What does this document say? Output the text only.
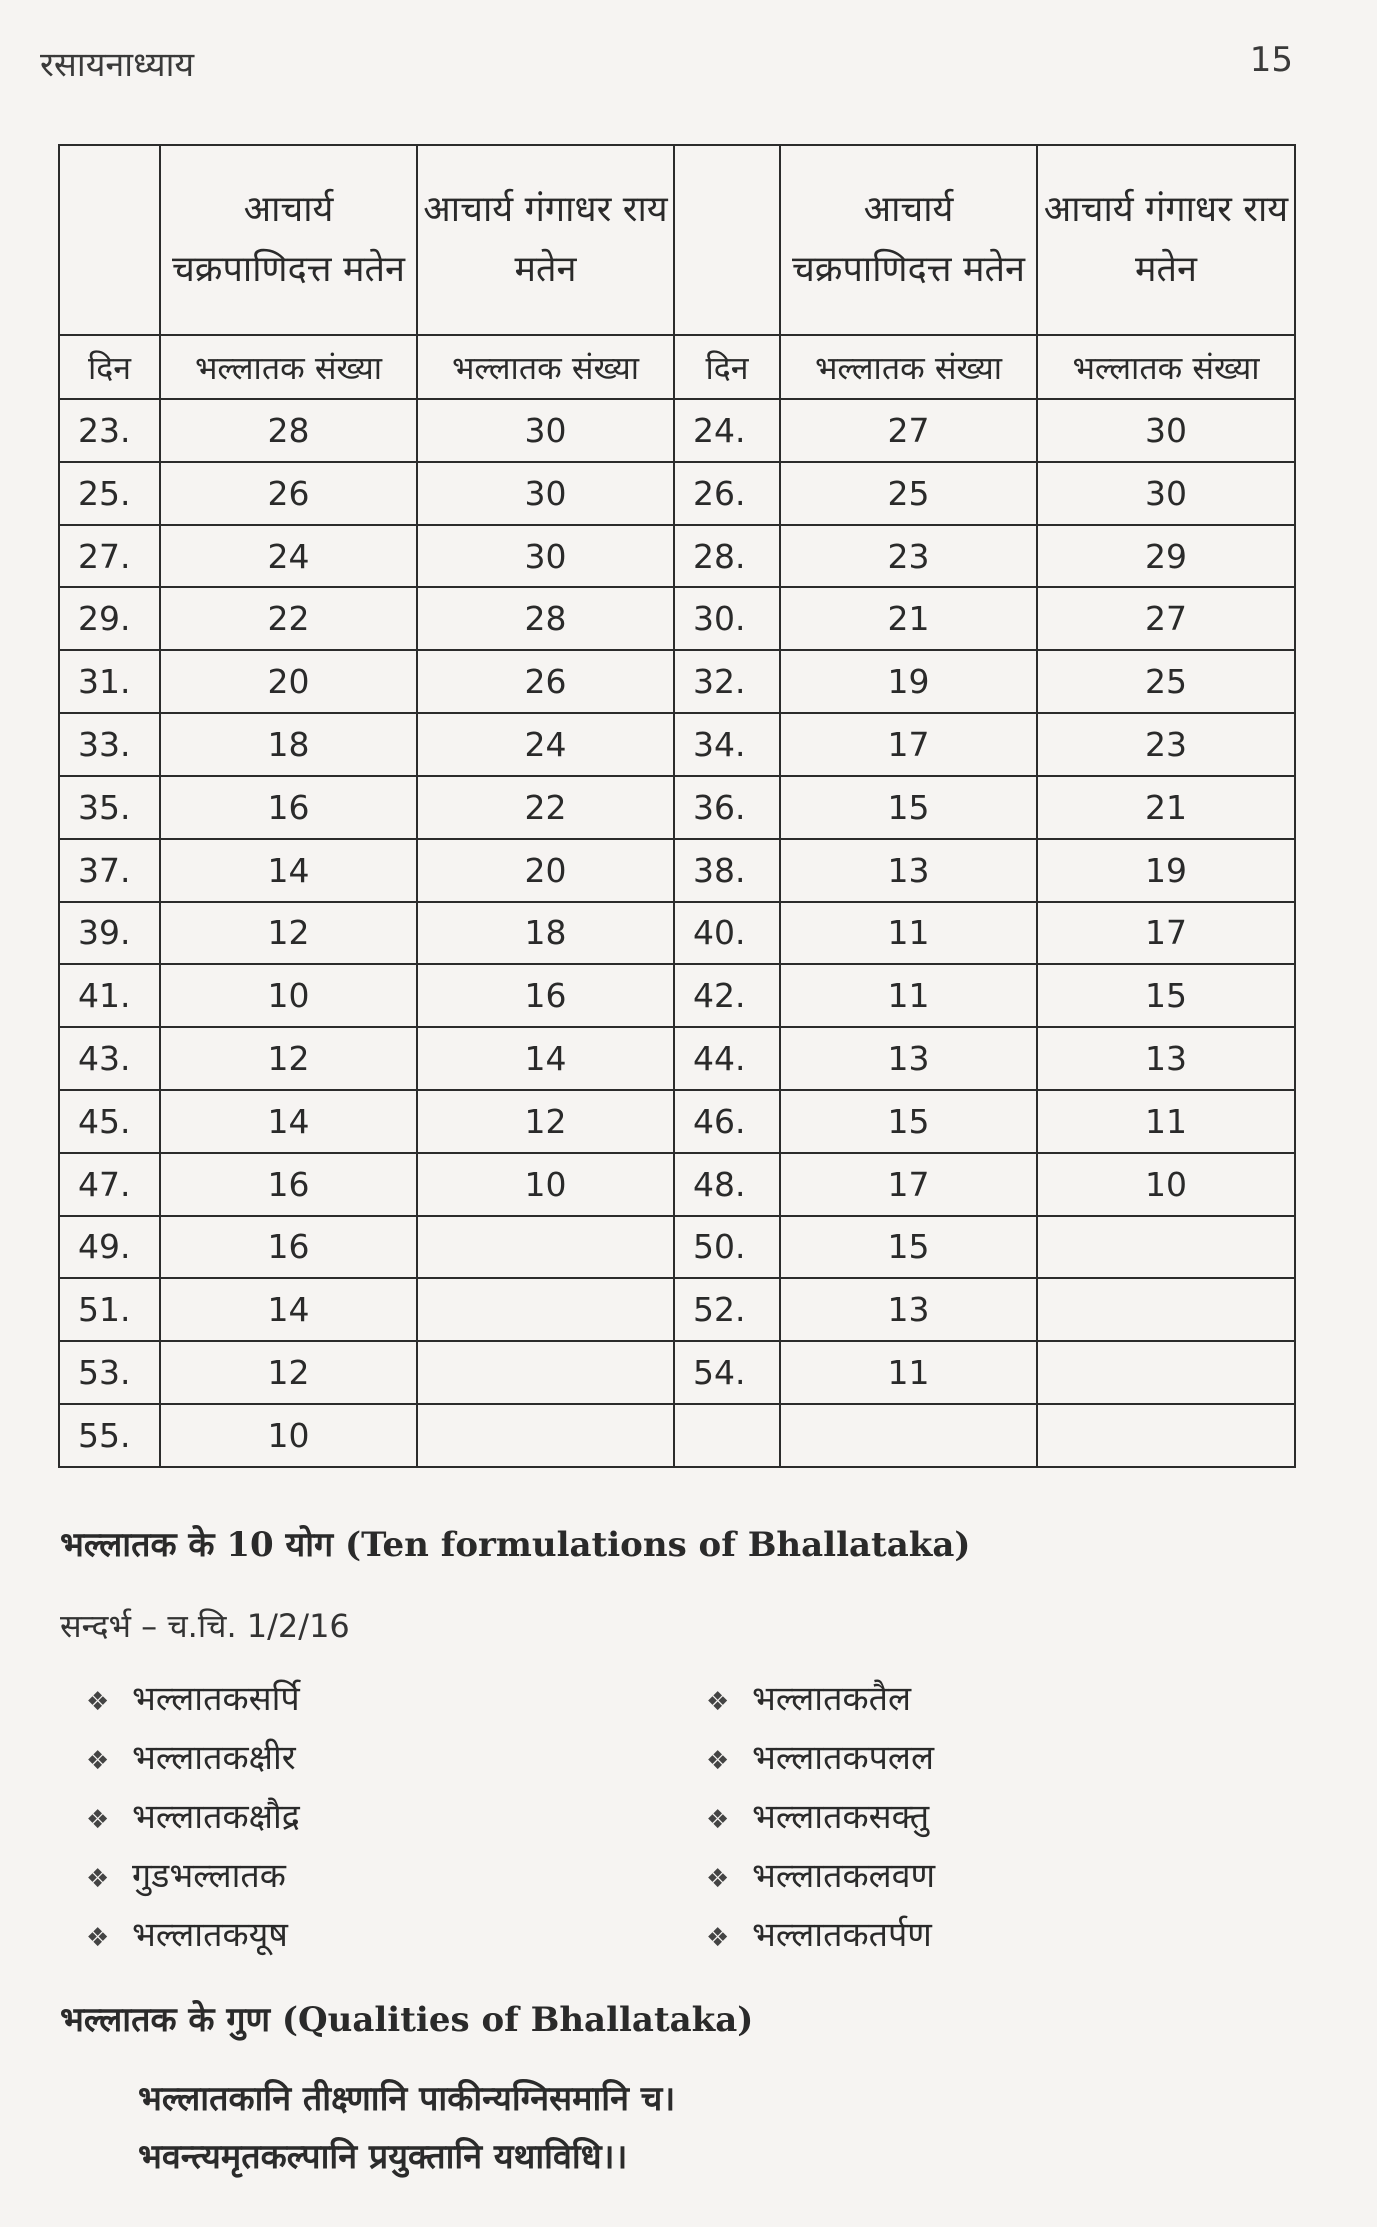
रसायनाध्याय	15
	आचार्य चक्रपाणिदत्त मतेन	आचार्य गंगाधर राय मतेन		आचार्य चक्रपाणिदत्त मतेन	आचार्य गंगाधर राय मतेन
दिन	भल्लातक संख्या	भल्लातक संख्या	दिन	भल्लातक संख्या	भल्लातक संख्या
23.	28	30	24.	27	30
25.	26	30	26.	25	30
27.	24	30	28.	23	29
29.	22	28	30.	21	27
31.	20	26	32.	19	25
33.	18	24	34.	17	23
35.	16	22	36.	15	21
37.	14	20	38.	13	19
39.	12	18	40.	11	17
41.	10	16	42.	11	15
43.	12	14	44.	13	13
45.	14	12	46.	15	11
47.	16	10	48.	17	10
49.	16		50.	15	
51.	14		52.	13	
53.	12		54.	11	
55.	10				
भल्लातक के 10 योग (Ten formulations of Bhallataka)
सन्दर्भ – च.चि. 1/2/16
❖ भल्लातकसर्पि
❖ भल्लातकक्षीर
❖ भल्लातकक्षौद्र
❖ गुडभल्लातक
❖ भल्लातकयूष
❖ भल्लातकतैल
❖ भल्लातकपलल
❖ भल्लातकसक्तु
❖ भल्लातकलवण
❖ भल्लातकतर्पण
भल्लातक के गुण (Qualities of Bhallataka)
भल्लातकानि तीक्ष्णानि पाकीन्यग्निसमानि च।
भवन्त्यमृतकल्पानि प्रयुक्तानि यथाविधि।।
